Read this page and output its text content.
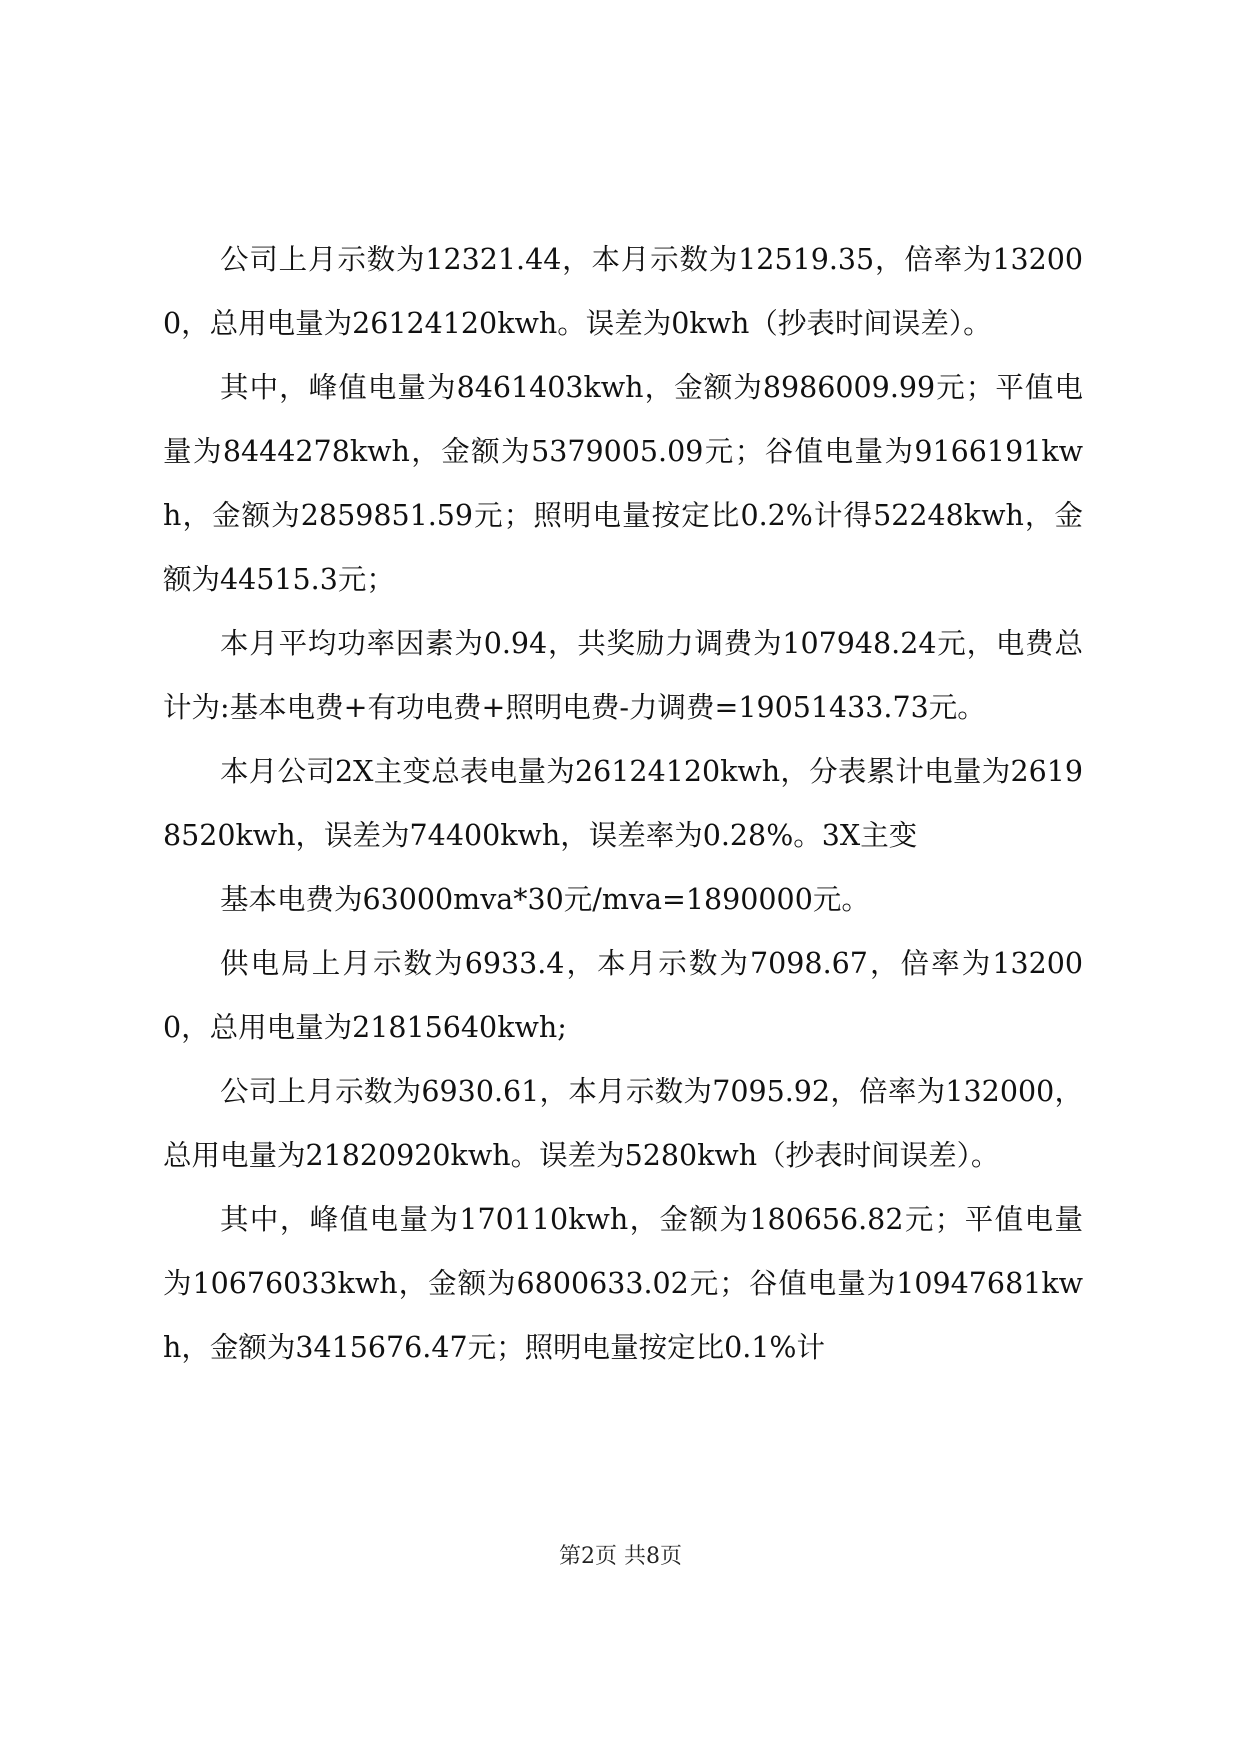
公司上月示数为12321.44，本月示数为12519.35，倍率为132000，总用电量为26124120kwh。误差为0kwh（抄表时间误差）。

其中，峰值电量为8461403kwh，金额为8986009.99元；平值电量为8444278kwh，金额为5379005.09元；谷值电量为9166191kwh，金额为2859851.59元；照明电量按定比0.2%计得52248kwh，金额为44515.3元；

本月平均功率因素为0.94，共奖励力调费为107948.24元，电费总计为:基本电费+有功电费+照明电费-力调费=19051433.73元。

本月公司2X主变总表电量为26124120kwh，分表累计电量为26198520kwh，误差为74400kwh，误差率为0.28%。3X主变

基本电费为63000mva*30元/mva=1890000元。

供电局上月示数为6933.4，本月示数为7098.67，倍率为132000，总用电量为21815640kwh;

公司上月示数为6930.61，本月示数为7095.92，倍率为132000，总用电量为21820920kwh。误差为5280kwh（抄表时间误差）。

其中，峰值电量为170110kwh，金额为180656.82元；平值电量为10676033kwh，金额为6800633.02元；谷值电量为10947681kwh，金额为3415676.47元；照明电量按定比0.1%计

第2页 共8页
